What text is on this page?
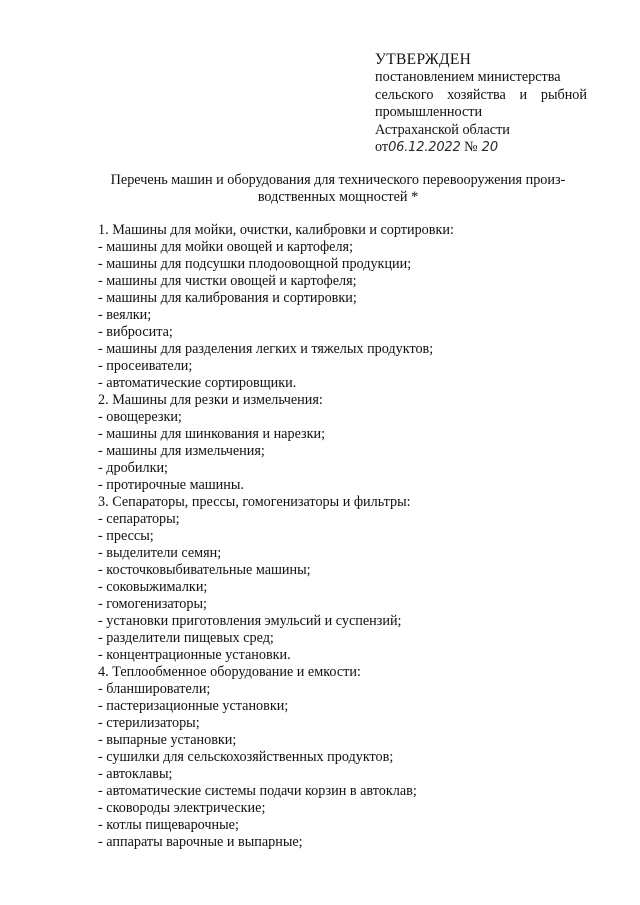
УТВЕРЖДЕН
постановлением министерства
сельского хозяйства и рыбной
промышленности
Астраханской области
от06.12.2022 № 20
Перечень машин и оборудования для технического перевооружения произ-
водственных мощностей *
1. Машины для мойки, очистки, калибровки и сортировки:
- машины для мойки овощей и картофеля;
- машины для подсушки плодоовощной продукции;
- машины для чистки овощей и картофеля;
- машины для калибрования и сортировки;
- веялки;
- вибросита;
- машины для разделения легких и тяжелых продуктов;
- просеиватели;
- автоматические сортировщики.
2. Машины для резки и измельчения:
- овощерезки;
- машины для шинкования и нарезки;
- машины для измельчения;
- дробилки;
- протирочные машины.
3. Сепараторы, прессы, гомогенизаторы и фильтры:
- сепараторы;
- прессы;
- выделители семян;
- косточковыбивательные машины;
- соковыжималки;
- гомогенизаторы;
- установки приготовления эмульсий и суспензий;
- разделители пищевых сред;
- концентрационные установки.
4. Теплообменное оборудование и емкости:
- бланширователи;
- пастеризационные установки;
- стерилизаторы;
- выпарные установки;
- сушилки для сельскохозяйственных продуктов;
- автоклавы;
- автоматические системы подачи корзин в автоклав;
- сковороды электрические;
- котлы пищеварочные;
- аппараты варочные и выпарные;
